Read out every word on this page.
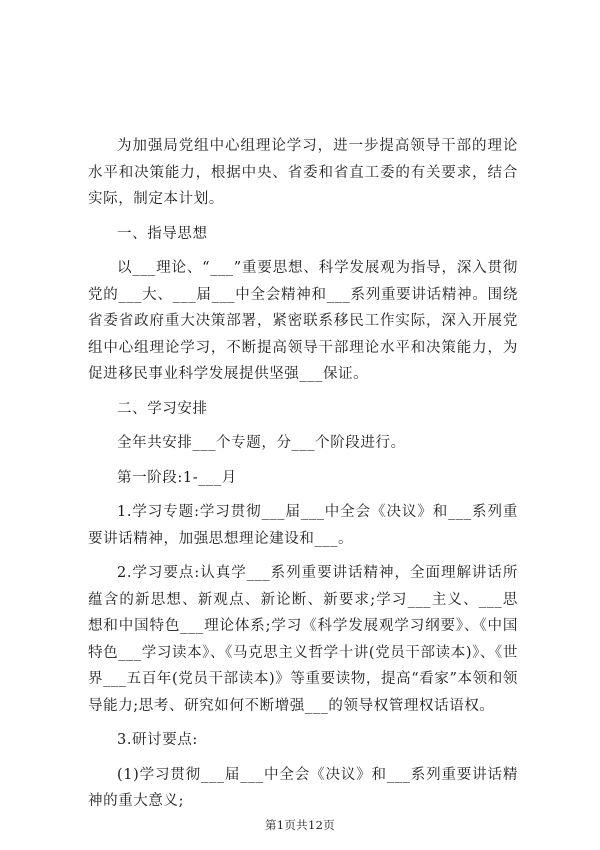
为加强局党组中心组理论学习，进一步提高领导干部的理论水平和决策能力，根据中央、省委和省直工委的有关要求，结合实际，制定本计划。

一、指导思想

以___理论、“___”重要思想、科学发展观为指导，深入贯彻党的___大、___届___中全会精神和___系列重要讲话精神。围绕省委省政府重大决策部署，紧密联系移民工作实际，深入开展党组中心组理论学习，不断提高领导干部理论水平和决策能力，为促进移民事业科学发展提供坚强___保证。

二、学习安排

全年共安排___个专题，分___个阶段进行。

第一阶段:1-___月

1.学习专题:学习贯彻___届___中全会《决议》和___系列重要讲话精神，加强思想理论建设和___。

2.学习要点:认真学___系列重要讲话精神，全面理解讲话所蕴含的新思想、新观点、新论断、新要求;学习___主义、___思想和中国特色___理论体系;学习《科学发展观学习纲要》、《中国特色___学习读本》、《马克思主义哲学十讲(党员干部读本)》、《世界___五百年(党员干部读本)》等重要读物，提高“看家”本领和领导能力;思考、研究如何不断增强___的领导权管理权话语权。

3.研讨要点:

(1)学习贯彻___届___中全会《决议》和___系列重要讲话精神的重大意义;

第1页共12页
